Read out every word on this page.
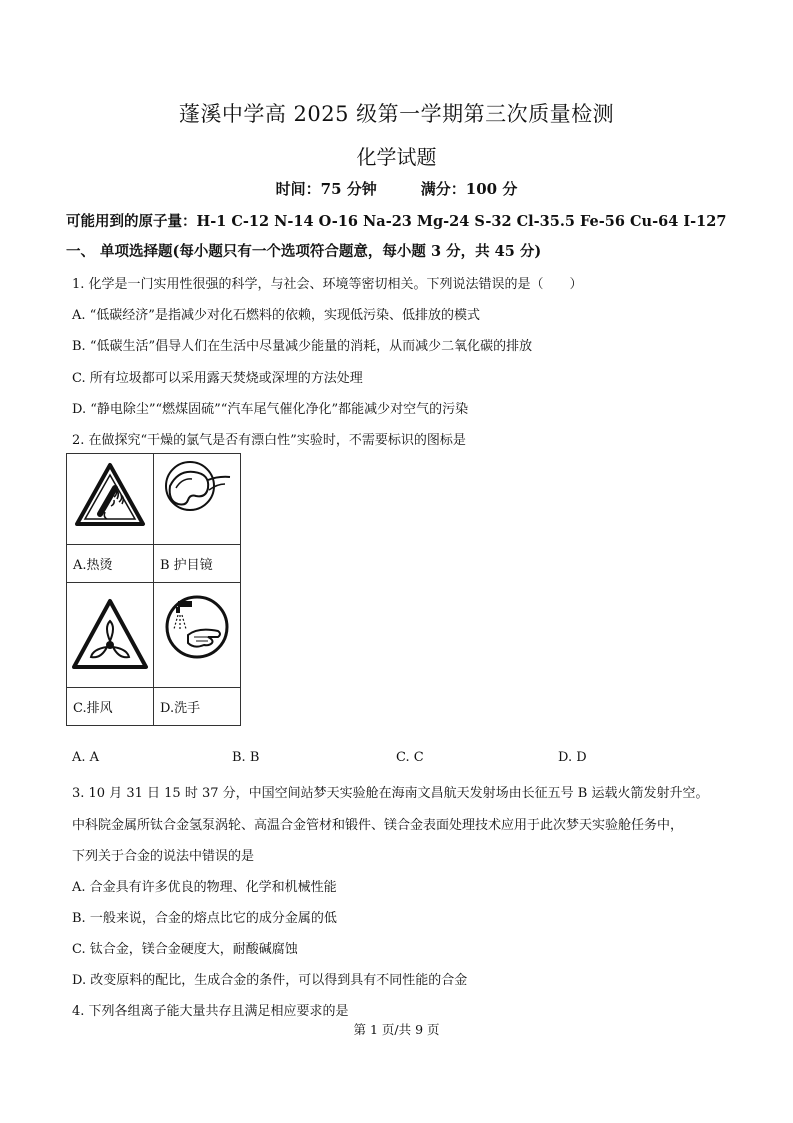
蓬溪中学高 2025 级第一学期第三次质量检测
化学试题
时间：75 分钟	满分：100 分
可能用到的原子量：H-1 C-12 N-14 O-16 Na-23 Mg-24 S-32 Cl-35.5 Fe-56 Cu-64 I-127
一、 单项选择题(每小题只有一个选项符合题意，每小题 3 分，共 45 分)
1. 化学是一门实用性很强的科学，与社会、环境等密切相关。下列说法错误的是（　　）
A. “低碳经济”是指减少对化石燃料的依赖，实现低污染、低排放的模式
B. “低碳生活”倡导人们在生活中尽量减少能量的消耗，从而减少二氧化碳的排放
C. 所有垃圾都可以采用露天焚烧或深埋的方法处理
D. “静电除尘”“燃煤固硫”“汽车尾气催化净化”都能减少对空气的污染
2. 在做探究“干燥的氯气是否有漂白性”实验时，不需要标识的图标是

A.热烫	B 护目镜

C.排风	D.洗手
A. A	B. B	C. C	D. D
3. 10 月 31 日 15 时 37 分，中国空间站梦天实验舱在海南文昌航天发射场由长征五号 B 运载火箭发射升空。
中科院金属所钛合金氢泵涡轮、高温合金管材和锻件、镁合金表面处理技术应用于此次梦天实验舱任务中，
下列关于合金的说法中错误的是
A. 合金具有许多优良的物理、化学和机械性能
B. 一般来说，合金的熔点比它的成分金属的低
C. 钛合金，镁合金硬度大，耐酸碱腐蚀
D. 改变原料的配比，生成合金的条件，可以得到具有不同性能的合金
4. 下列各组离子能大量共存且满足相应要求的是
第 1 页/共 9 页
